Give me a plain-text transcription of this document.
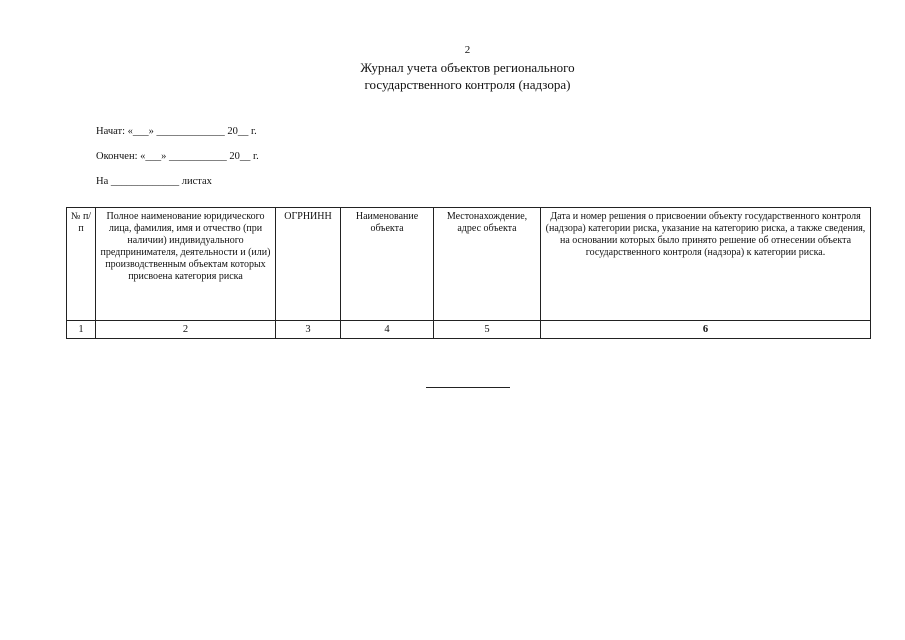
2
Журнал учета объектов регионального
государственного контроля (надзора)
Начат: «___» _____________ 20__ г.
Окончен: «___» ___________ 20__ г.
На _____________ листах
№ п/п	Полное наименование юридического лица, фамилия, имя и отчество (при наличии) индивидуального предпринимателя, деятельности и (или) производственным объектам которых присвоена категория риска	ОГРНИНН	Наименование объекта	Местонахождение, адрес объекта	Дата и номер решения о присвоении объекту государственного контроля (надзора) категории риска, указание на категорию риска, а также сведения, на основании которых было принято решение об отнесении объекта государственного контроля (надзора) к категории риска.
1	2	3	4	5	6
